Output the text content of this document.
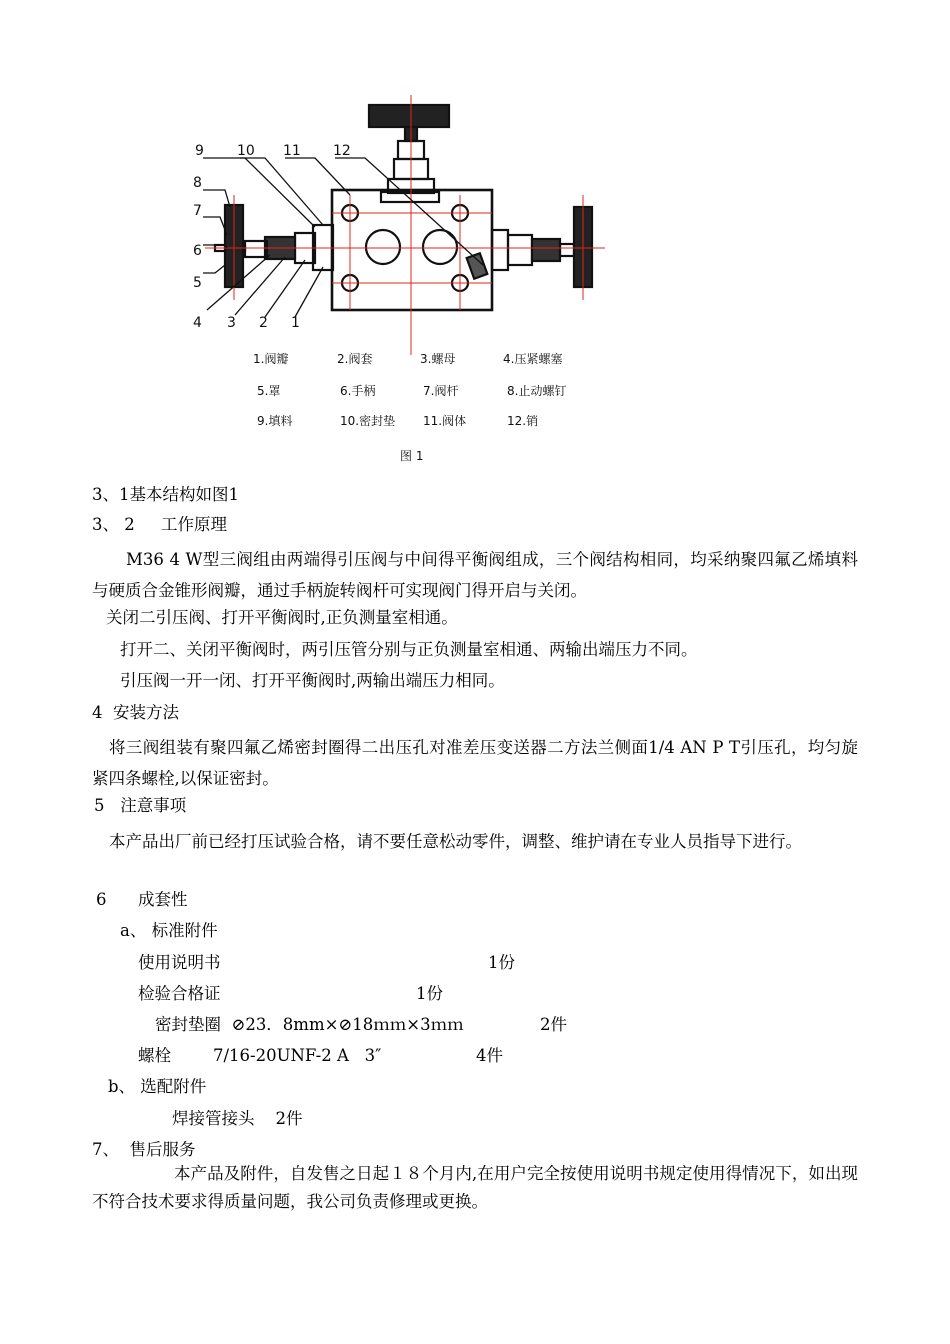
9 10 11 12
8
7
6
5
4 3 2 1
1.阀瓣	2.阀套	3.螺母	4.压紧螺塞
5.罩	6.手柄	7.阀杆	8.止动螺钉
9.填料	10.密封垫 11.阀体	12.销
图 1
3、1基本结构如图1
3、 2     工作原理
M36 4 W型三阀组由两端得引压阀与中间得平衡阀组成，三个阀结构相同，均采纳聚四氟乙烯填料与硬质合金锥形阀瓣，通过手柄旋转阀杆可实现阀门得开启与关闭。
关闭二引压阀、打开平衡阀时,正负测量室相通。
打开二、关闭平衡阀时，两引压管分别与正负测量室相通、两输出端压力不同。
引压阀一开一闭、打开平衡阀时,两输出端压力相同。
4  安装方法
将三阀组装有聚四氟乙烯密封圈得二出压孔对准差压变送器二方法兰侧面1/4 AN P T引压孔，均匀旋紧四条螺栓,以保证密封。
5   注意事项
本产品出厂前已经打压试验合格，请不要任意松动零件，调整、维护请在专业人员指导下进行。
6      成套性
a、 标准附件
使用说明书	1份
检验合格证	1份
密封垫圈  ⊘23．8mm×⊘18ｍｍ×3ｍｍ	2件
螺栓        7/16-20UNF-2 A   3″	4件
b、 选配附件
焊接管接头    2件
7、  售后服务
本产品及附件，自发售之日起１８个月内,在用户完全按使用说明书规定使用得情况下，如出现不符合技术要求得质量问题，我公司负责修理或更换。
